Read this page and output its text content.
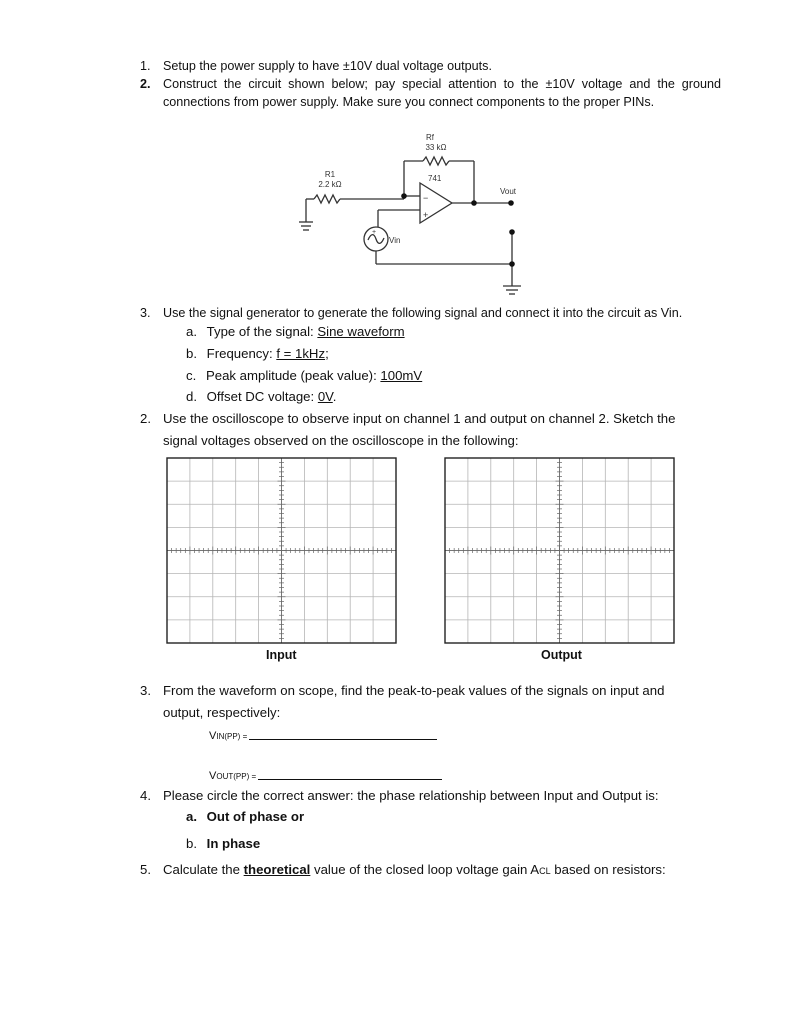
1. Setup the power supply to have ±10V dual voltage outputs.
2. Construct the circuit shown below; pay special attention to the ±10V voltage and the ground
connections from power supply. Make sure you connect components to the proper PINs.
Rf
33 kΩ
R1
2.2 kΩ
741
−
+
Vout
+
Vin
3. Use the signal generator to generate the following signal and connect it into the circuit as Vin.
a. Type of the signal: Sine waveform
b. Frequency: f = 1kHz;
c. Peak amplitude (peak value): 100mV
d. Offset DC voltage: 0V.
2. Use the oscilloscope to observe input on channel 1 and output on channel 2. Sketch the
signal voltages observed on the oscilloscope in the following:
Input	Output
3. From the waveform on scope, find the peak-to-peak values of the signals on input and
output, respectively:
VIN(PP) =
VOUT(PP) =
4. Please circle the correct answer: the phase relationship between Input and Output is:
a. Out of phase or
b. In phase
5. Calculate the theoretical value of the closed loop voltage gain ACL based on resistors:
